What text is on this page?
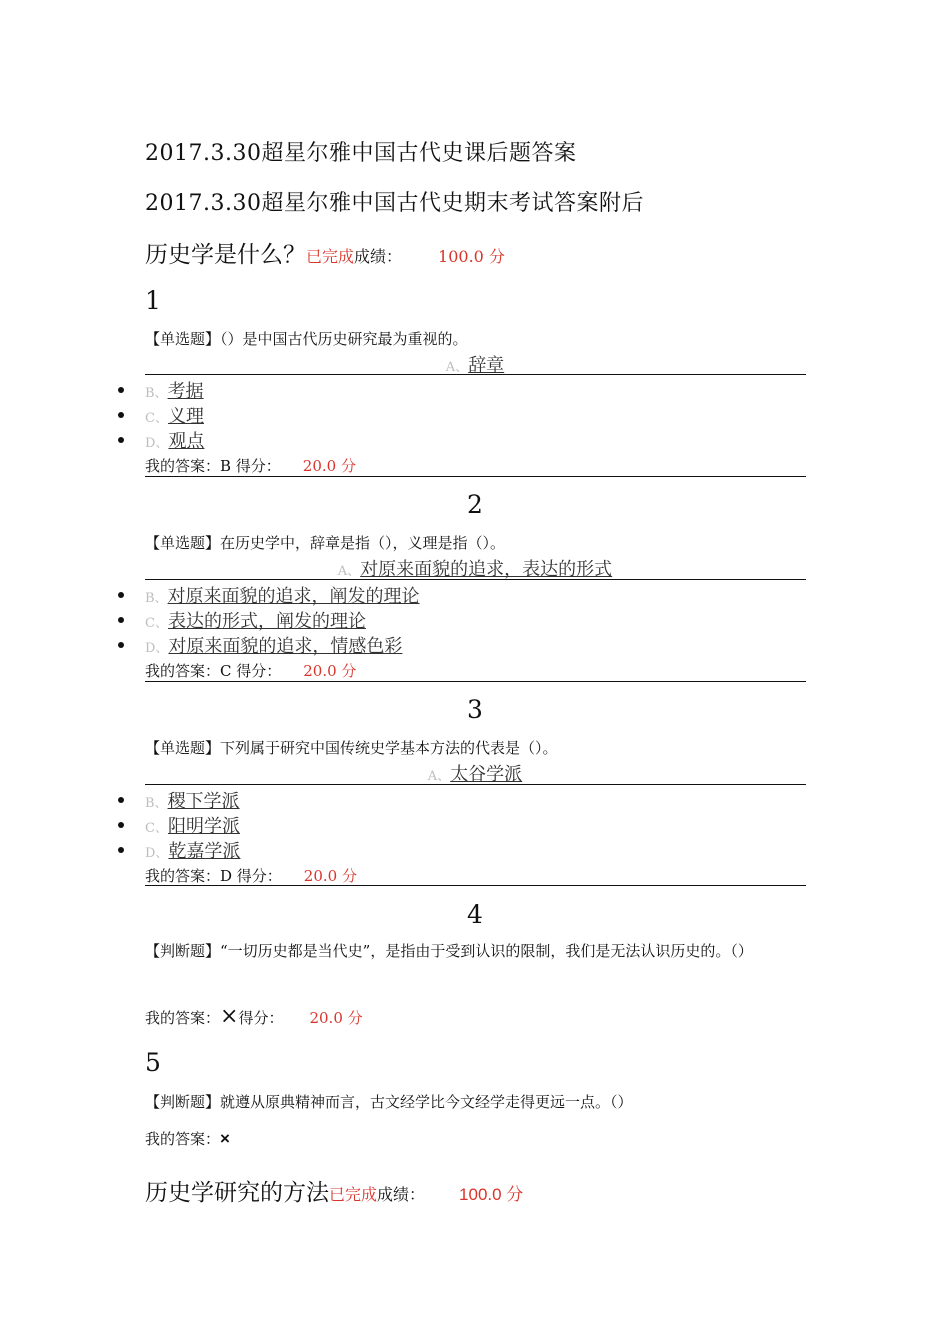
2017.3.30超星尔雅中国古代史课后题答案
2017.3.30超星尔雅中国古代史期末考试答案附后
历史学是什么？已完成成绩： 100.0 分
1
【单选题】（）是中国古代历史研究最为重视的。
A、辞章
B、考据
C、义理
D、观点
我的答案：B 得分： 20.0 分
2
【单选题】在历史学中，辞章是指（），义理是指（）。
A、对原来面貌的追求，表达的形式
B、对原来面貌的追求，阐发的理论
C、表达的形式，阐发的理论
D、对原来面貌的追求，情感色彩
我的答案：C 得分： 20.0 分
3
【单选题】下列属于研究中国传统史学基本方法的代表是（）。
A、太谷学派
B、稷下学派
C、阳明学派
D、乾嘉学派
我的答案：D 得分： 20.0 分
4
【判断题】“一切历史都是当代史”，是指由于受到认识的限制，我们是无法认识历史的。（）
我的答案：×得分： 20.0 分
5
【判断题】就遵从原典精神而言，古文经学比今文经学走得更远一点。（）
我的答案：×
历史学研究的方法已完成成绩： 100.0 分
